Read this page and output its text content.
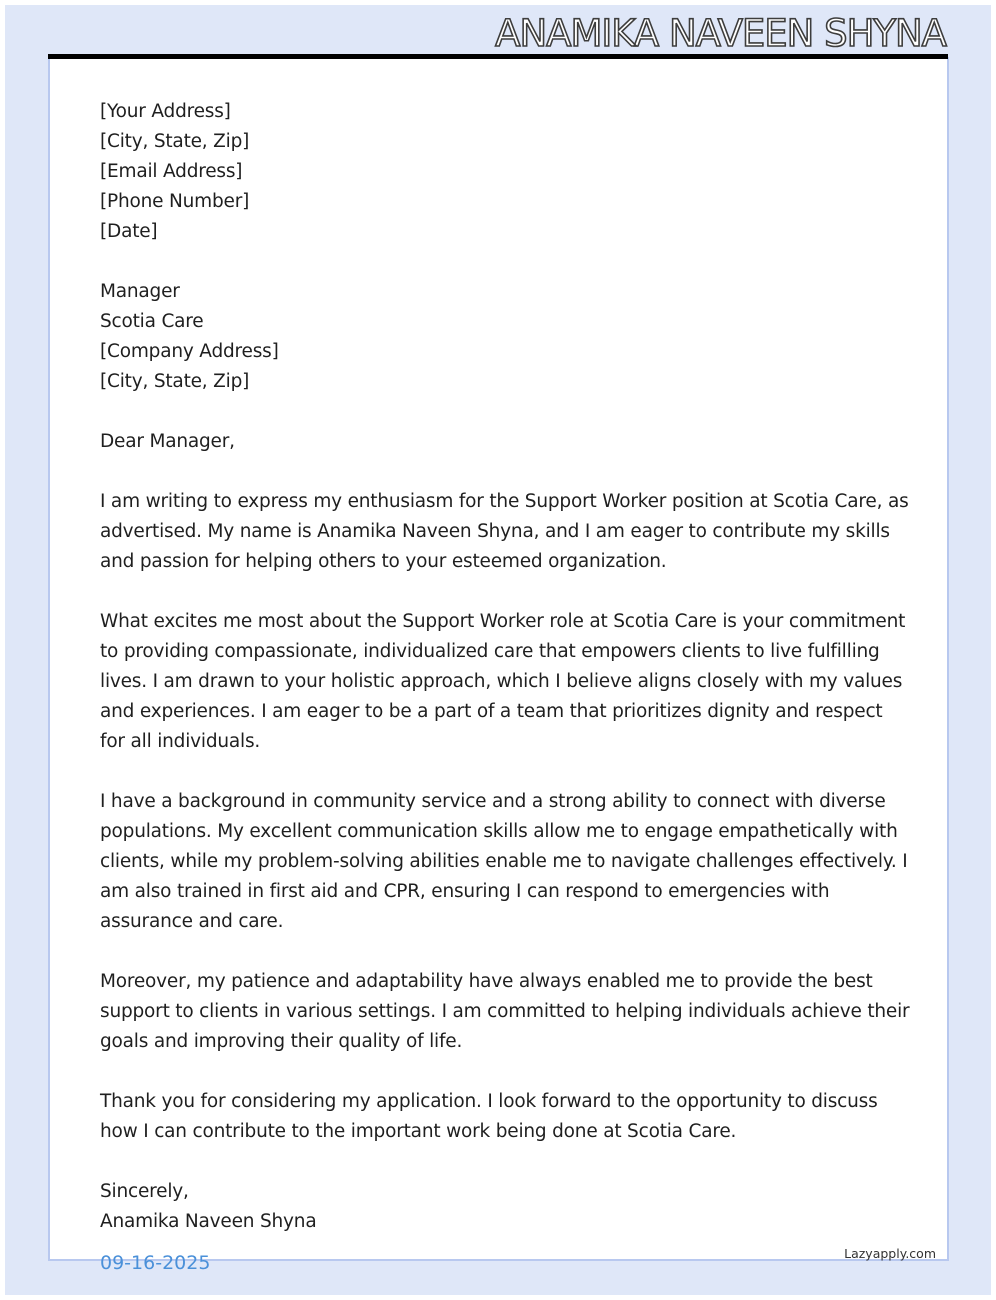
ANAMIKA NAVEEN SHYNA
[Your Address]
[City, State, Zip]
[Email Address]
[Phone Number]
[Date]
Manager
Scotia Care
[Company Address]
[City, State, Zip]

Dear Manager,

I am writing to express my enthusiasm for the Support Worker position at Scotia Care, as advertised. My name is Anamika Naveen Shyna, and I am eager to contribute my skills and passion for helping others to your esteemed organization.

What excites me most about the Support Worker role at Scotia Care is your commitment to providing compassionate, individualized care that empowers clients to live fulfilling lives. I am drawn to your holistic approach, which I believe aligns closely with my values and experiences. I am eager to be a part of a team that prioritizes dignity and respect for all individuals.

I have a background in community service and a strong ability to connect with diverse populations. My excellent communication skills allow me to engage empathetically with clients, while my problem-solving abilities enable me to navigate challenges effectively. I am also trained in first aid and CPR, ensuring I can respond to emergencies with assurance and care.

Moreover, my patience and adaptability have always enabled me to provide the best support to clients in various settings. I am committed to helping individuals achieve their goals and improving their quality of life.

Thank you for considering my application. I look forward to the opportunity to discuss how I can contribute to the important work being done at Scotia Care.

Sincerely,
Anamika Naveen Shyna
09-16-2025	Lazyapply.com
